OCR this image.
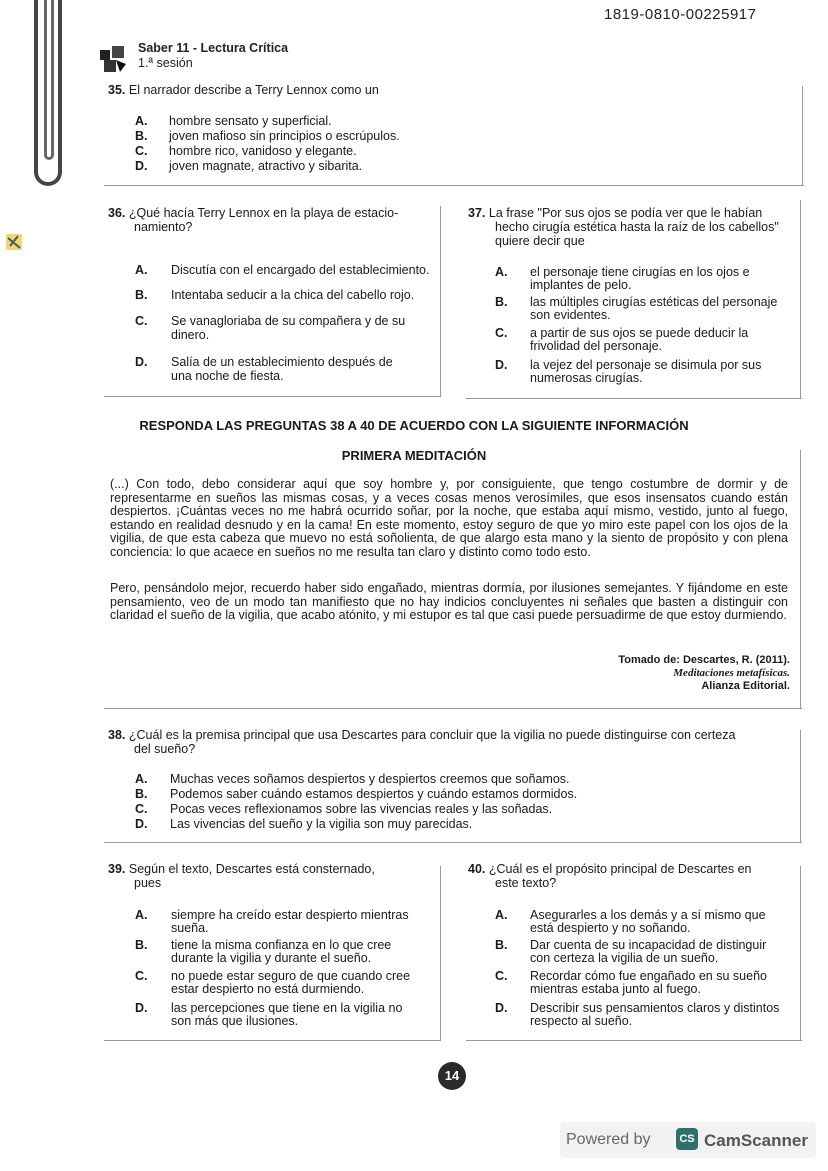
1819-0810-00225917
Saber 11 - Lectura Crítica
1.ª sesión
35. El narrador describe a Terry Lennox como un
A. hombre sensato y superficial.
B. joven mafioso sin principios o escrúpulos.
C. hombre rico, vanidoso y elegante.
D. joven magnate, atractivo y sibarita.
36. ¿Qué hacía Terry Lennox en la playa de estacio-
namiento?
A. Discutía con el encargado del establecimiento.
B. Intentaba seducir a la chica del cabello rojo.
C. Se vanagloriaba de su compañera y de su
dinero.
D. Salía de un establecimiento después de
una noche de fiesta.
37. La frase "Por sus ojos se podía ver que le habían
hecho cirugía estética hasta la raíz de los cabellos"
quiere decir que
A. el personaje tiene cirugías en los ojos e
implantes de pelo.
B. las múltiples cirugías estéticas del personaje
son evidentes.
C. a partir de sus ojos se puede deducir la
frivolidad del personaje.
D. la vejez del personaje se disimula por sus
numerosas cirugías.
RESPONDA LAS PREGUNTAS 38 A 40 DE ACUERDO CON LA SIGUIENTE INFORMACIÓN
PRIMERA MEDITACIÓN
(...) Con todo, debo considerar aquí que soy hombre y, por consiguiente, que tengo costumbre de dormir y de representarme en sueños las mismas cosas, y a veces cosas menos verosímiles, que esos insensatos cuando están despiertos. ¡Cuántas veces no me habrá ocurrido soñar, por la noche, que estaba aquí mismo, vestido, junto al fuego, estando en realidad desnudo y en la cama! En este momento, estoy seguro de que yo miro este papel con los ojos de la vigilia, de que esta cabeza que muevo no está soñolienta, de que alargo esta mano y la siento de propósito y con plena conciencia: lo que acaece en sueños no me resulta tan claro y distinto como todo esto.
Pero, pensándolo mejor, recuerdo haber sido engañado, mientras dormía, por ilusiones semejantes. Y fijándome en este pensamiento, veo de un modo tan manifiesto que no hay indicios concluyentes ni señales que basten a distinguir con claridad el sueño de la vigilia, que acabo atónito, y mi estupor es tal que casi puede persuadirme de que estoy durmiendo.
Tomado de: Descartes, R. (2011).
Meditaciones metafísicas.
Alianza Editorial.
38. ¿Cuál es la premisa principal que usa Descartes para concluir que la vigilia no puede distinguirse con certeza
del sueño?
A. Muchas veces soñamos despiertos y despiertos creemos que soñamos.
B. Podemos saber cuándo estamos despiertos y cuándo estamos dormidos.
C. Pocas veces reflexionamos sobre las vivencias reales y las soñadas.
D. Las vivencias del sueño y la vigilia son muy parecidas.
39. Según el texto, Descartes está consternado,
pues
A. siempre ha creído estar despierto mientras
sueña.
B. tiene la misma confianza en lo que cree
durante la vigilia y durante el sueño.
C. no puede estar seguro de que cuando cree
estar despierto no está durmiendo.
D. las percepciones que tiene en la vigilia no
son más que ilusiones.
40. ¿Cuál es el propósito principal de Descartes en
este texto?
A. Asegurarles a los demás y a sí mismo que
está despierto y no soñando.
B. Dar cuenta de su incapacidad de distinguir
con certeza la vigilia de un sueño.
C. Recordar cómo fue engañado en su sueño
mientras estaba junto al fuego.
D. Describir sus pensamientos claros y distintos
respecto al sueño.
14
Powered by	CS CamScanner
